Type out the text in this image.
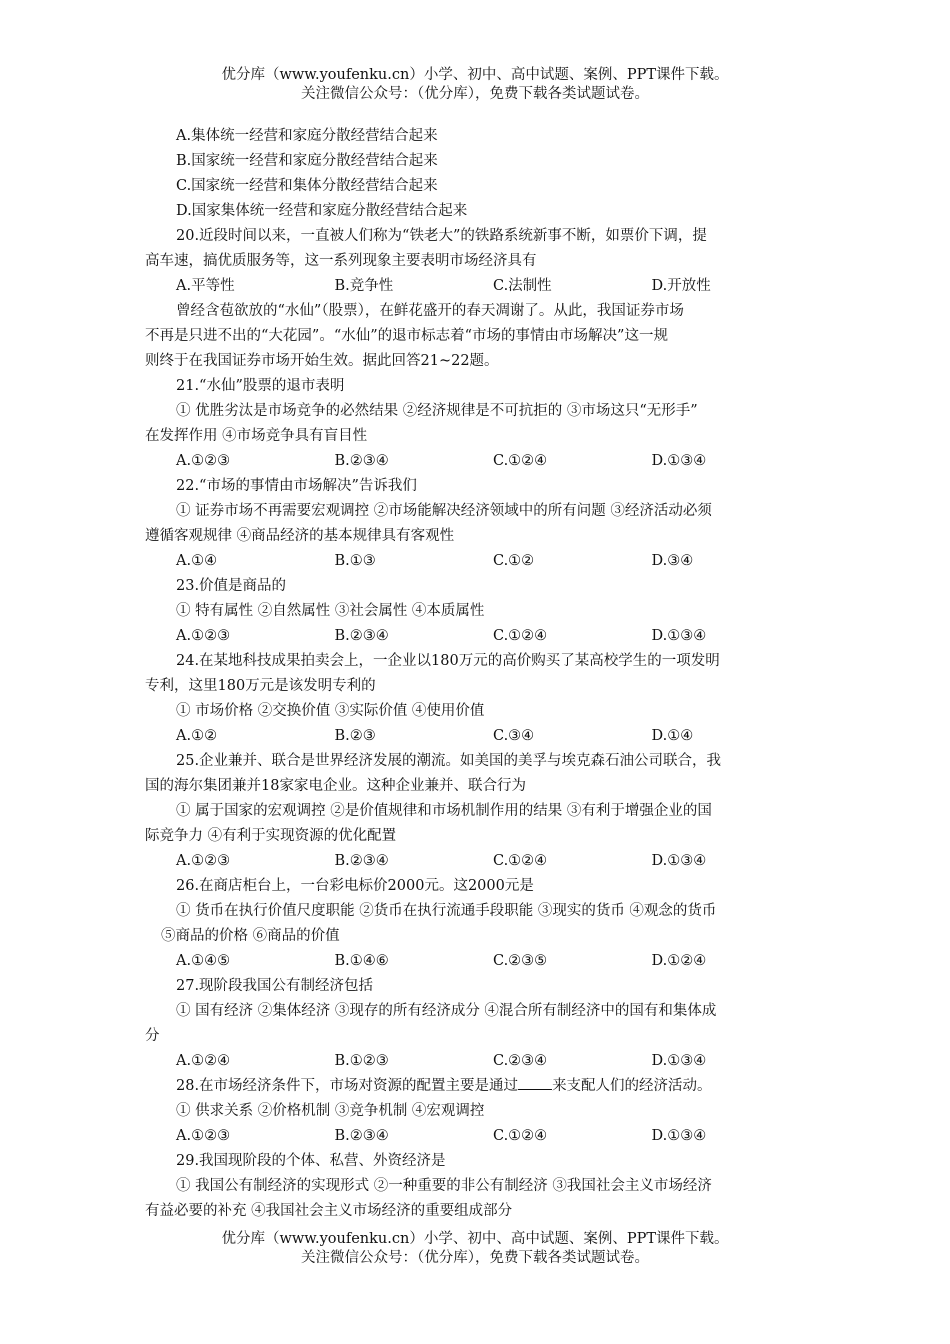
优分库（www.youfenku.cn）小学、初中、高中试题、案例、PPT课件下载。
关注微信公众号：（优分库），免费下载各类试题试卷。
A.集体统一经营和家庭分散经营结合起来
B.国家统一经营和家庭分散经营结合起来
C.国家统一经营和集体分散经营结合起来
D.国家集体统一经营和家庭分散经营结合起来
20.近段时间以来，一直被人们称为“铁老大”的铁路系统新事不断，如票价下调，提
高车速，搞优质服务等，这一系列现象主要表明市场经济具有
A.平等性	B.竞争性	C.法制性	D.开放性
曾经含苞欲放的“水仙”（股票），在鲜花盛开的春天凋谢了。从此，我国证券市场
不再是只进不出的“大花园”。“水仙”的退市标志着“市场的事情由市场解决”这一规
则终于在我国证券市场开始生效。据此回答21~22题。
21.“水仙”股票的退市表明
① 优胜劣汰是市场竞争的必然结果 ②经济规律是不可抗拒的 ③市场这只“无形手”
在发挥作用 ④市场竞争具有盲目性
A.①②③	B.②③④	C.①②④	D.①③④
22.“市场的事情由市场解决”告诉我们
① 证券市场不再需要宏观调控 ②市场能解决经济领域中的所有问题 ③经济活动必须
遵循客观规律 ④商品经济的基本规律具有客观性
A.①④	B.①③	C.①②	D.③④
23.价值是商品的
① 特有属性 ②自然属性 ③社会属性 ④本质属性
A.①②③	B.②③④	C.①②④	D.①③④
24.在某地科技成果拍卖会上，一企业以180万元的高价购买了某高校学生的一项发明
专利，这里180万元是该发明专利的
① 市场价格 ②交换价值 ③实际价值 ④使用价值
A.①②	B.②③	C.③④	D.①④
25.企业兼并、联合是世界经济发展的潮流。如美国的美孚与埃克森石油公司联合，我
国的海尔集团兼并18家家电企业。这种企业兼并、联合行为
① 属于国家的宏观调控 ②是价值规律和市场机制作用的结果 ③有利于增强企业的国
际竞争力 ④有利于实现资源的优化配置
A.①②③	B.②③④	C.①②④	D.①③④
26.在商店柜台上，一台彩电标价2000元。这2000元是
① 货币在执行价值尺度职能 ②货币在执行流通手段职能 ③现实的货币 ④观念的货币
⑤商品的价格 ⑥商品的价值
A.①④⑤	B.①④⑥	C.②③⑤	D.①②④
27.现阶段我国公有制经济包括
① 国有经济 ②集体经济 ③现存的所有经济成分 ④混合所有制经济中的国有和集体成
分
A.①②④	B.①②③	C.②③④	D.①③④
28.在市场经济条件下，市场对资源的配置主要是通过 来支配人们的经济活动。
① 供求关系 ②价格机制 ③竞争机制 ④宏观调控
A.①②③	B.②③④	C.①②④	D.①③④
29.我国现阶段的个体、私营、外资经济是
① 我国公有制经济的实现形式 ②一种重要的非公有制经济 ③我国社会主义市场经济
有益必要的补充 ④我国社会主义市场经济的重要组成部分
优分库（www.youfenku.cn）小学、初中、高中试题、案例、PPT课件下载。
关注微信公众号：（优分库），免费下载各类试题试卷。
